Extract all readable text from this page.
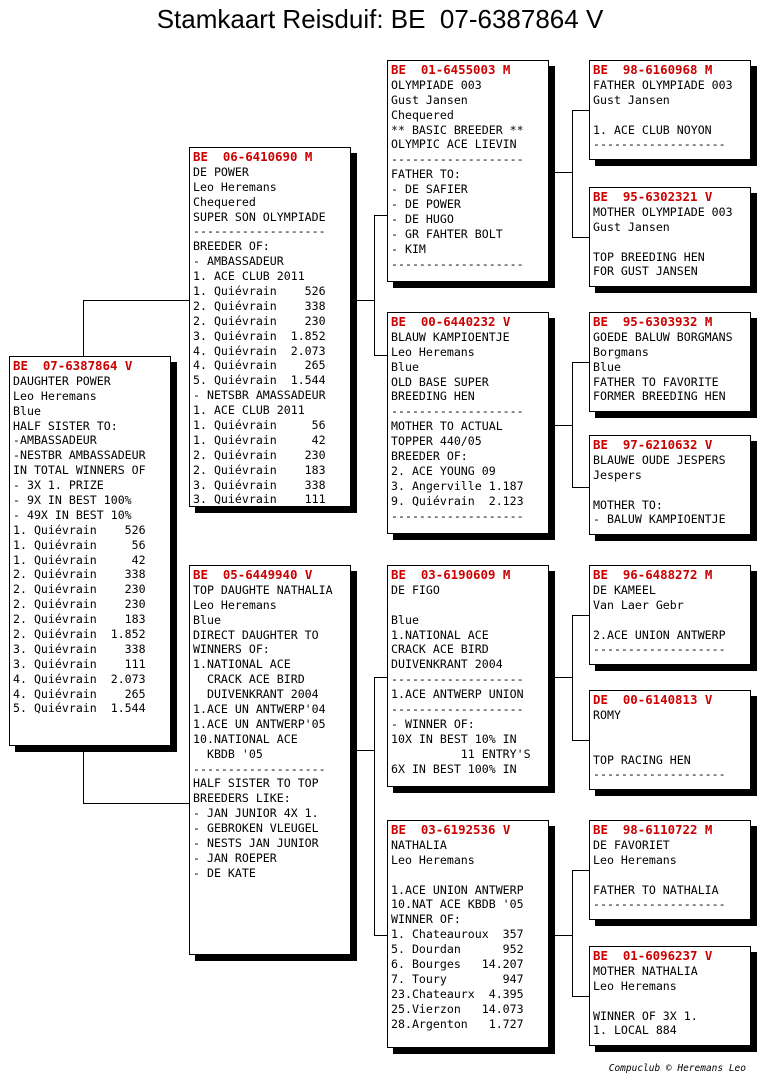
Stamkaart Reisduif: BE  07-6387864 V
BE  07-6387864 V
DAUGHTER POWER
Leo Heremans
Blue
HALF SISTER TO:
-AMBASSADEUR
-NESTBR AMBASSADEUR
IN TOTAL WINNERS OF
- 3X 1. PRIZE
- 9X IN BEST 100%
- 49X IN BEST 10%
1. Quiévrain    526
1. Quiévrain     56
1. Quiévrain     42
2. Quiévrain    338
2. Quiévrain    230
2. Quiévrain    230
2. Quiévrain    183
2. Quiévrain  1.852
3. Quiévrain    338
3. Quiévrain    111
4. Quiévrain  2.073
4. Quiévrain    265
5. Quiévrain  1.544
BE  06-6410690 M
DE POWER
Leo Heremans
Chequered
SUPER SON OLYMPIADE
-------------------
BREEDER OF:
- AMBASSADEUR
1. ACE CLUB 2011
1. Quiévrain    526
2. Quiévrain    338
2. Quiévrain    230
3. Quiévrain  1.852
4. Quiévrain  2.073
4. Quiévrain    265
5. Quiévrain  1.544
- NETSBR AMASSADEUR
1. ACE CLUB 2011
1. Quiévrain     56
1. Quiévrain     42
2. Quiévrain    230
2. Quiévrain    183
3. Quiévrain    338
3. Quiévrain    111
BE  05-6449940 V
TOP DAUGHTE NATHALIA
Leo Heremans
Blue
DIRECT DAUGHTER TO
WINNERS OF:
1.NATIONAL ACE
CRACK ACE BIRD
DUIVENKRANT 2004
1.ACE UN ANTWERP'04
1.ACE UN ANTWERP'05
10.NATIONAL ACE
KBDB '05
-------------------
HALF SISTER TO TOP
BREEDERS LIKE:
- JAN JUNIOR 4X 1.
- GEBROKEN VLEUGEL
- NESTS JAN JUNIOR
- JAN ROEPER
- DE KATE
BE  01-6455003 M
OLYMPIADE 003
Gust Jansen
Chequered
** BASIC BREEDER **
OLYMPIC ACE LIEVIN
-------------------
FATHER TO:
- DE SAFIER
- DE POWER
- DE HUGO
- GR FAHTER BOLT
- KIM
-------------------
BE  00-6440232 V
BLAUW KAMPIOENTJE
Leo Heremans
Blue
OLD BASE SUPER
BREEDING HEN
-------------------
MOTHER TO ACTUAL
TOPPER 440/05
BREEDER OF:
2. ACE YOUNG 09
3. Angerville 1.187
9. Quiévrain  2.123
-------------------
BE  03-6190609 M
DE FIGO
Blue
1.NATIONAL ACE
CRACK ACE BIRD
DUIVENKRANT 2004
-------------------
1.ACE ANTWERP UNION
-------------------
- WINNER OF:
10X IN BEST 10% IN
11 ENTRY'S
6X IN BEST 100% IN
BE  03-6192536 V
NATHALIA
Leo Heremans
1.ACE UNION ANTWERP
10.NAT ACE KBDB '05
WINNER OF:
1. Chateauroux  357
5. Dourdan      952
6. Bourges   14.207
7. Toury        947
23.Chateaurx  4.395
25.Vierzon   14.073
28.Argenton   1.727
BE  98-6160968 M
FATHER OLYMPIADE 003
Gust Jansen
1. ACE CLUB NOYON
-------------------
BE  95-6302321 V
MOTHER OLYMPIADE 003
Gust Jansen
TOP BREEDING HEN
FOR GUST JANSEN
BE  95-6303932 M
GOEDE BALUW BORGMANS
Borgmans
Blue
FATHER TO FAVORITE
FORMER BREEDING HEN
BE  97-6210632 V
BLAUWE OUDE JESPERS
Jespers
MOTHER TO:
- BALUW KAMPIOENTJE
BE  96-6488272 M
DE KAMEEL
Van Laer Gebr
2.ACE UNION ANTWERP
-------------------
DE  00-6140813 V
ROMY
TOP RACING HEN
-------------------
BE  98-6110722 M
DE FAVORIET
Leo Heremans
FATHER TO NATHALIA
-------------------
BE  01-6096237 V
MOTHER NATHALIA
Leo Heremans
WINNER OF 3X 1.
1. LOCAL 884
Compuclub © Heremans Leo
